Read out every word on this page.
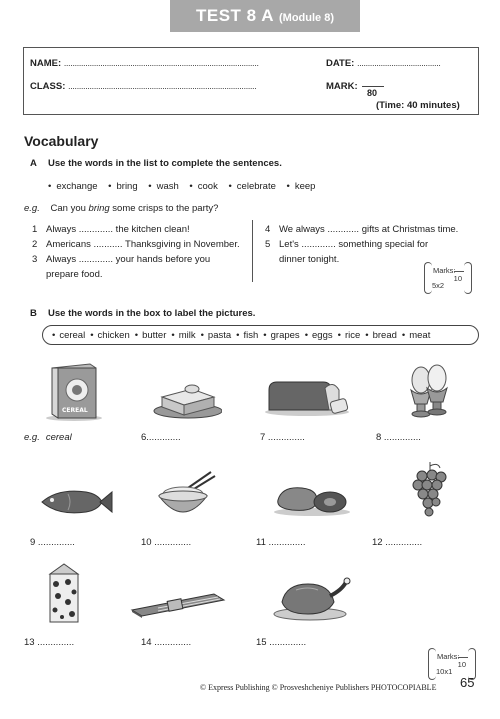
TEST 8 A (Module 8)
NAME: ...........................................................................................	DATE: .......................................
CLASS: ........................................................................................	MARK:
80
(Time: 40 minutes)
Vocabulary
A Use the words in the list to complete the sentences.
• exchange • bring • wash • cook • celebrate • keep
e.g. Can you bring some crisps to the party?
1 Always ............. the kitchen clean!
2 Americans ........... Thanksgiving in November.
3 Always ............. your hands before you
prepare food.
4 We always ............ gifts at Christmas time.
5 Let's ............. something special for
dinner tonight.
Marks:
10
5x2
B Use the words in the box to label the pictures.
• cereal	• chicken	• butter	• milk	• pasta	• fish	• grapes	• eggs	• rice	• bread	• meat
CEREAL
e.g. cereal	6.............	7 ..............	8 ..............
9 ..............	10 ..............	11 ..............	12 ..............
13 ..............	14 ..............	15 ..............
Marks:
10
10x1
© Express Publishing © Prosveshcheniye Publishers PHOTOCOPIABLE 65
